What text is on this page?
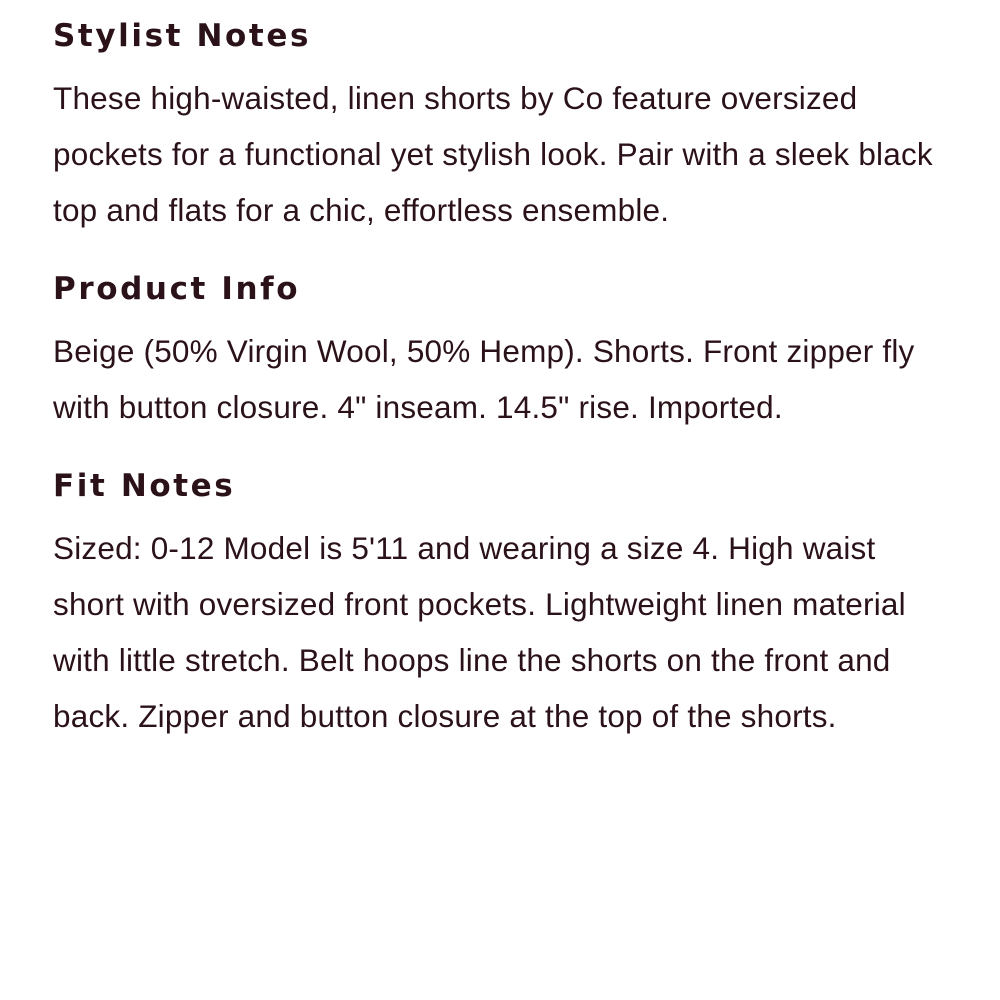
Stylist Notes

These high-waisted, linen shorts by Co feature oversized pockets for a functional yet stylish look. Pair with a sleek black top and flats for a chic, effortless ensemble.

Product Info

Beige (50% Virgin Wool, 50% Hemp). Shorts. Front zipper fly with button closure. 4" inseam. 14.5" rise. Imported.

Fit Notes

Sized: 0-12 Model is 5'11 and wearing a size 4. High waist short with oversized front pockets. Lightweight linen material with little stretch. Belt hoops line the shorts on the front and back. Zipper and button closure at the top of the shorts.
